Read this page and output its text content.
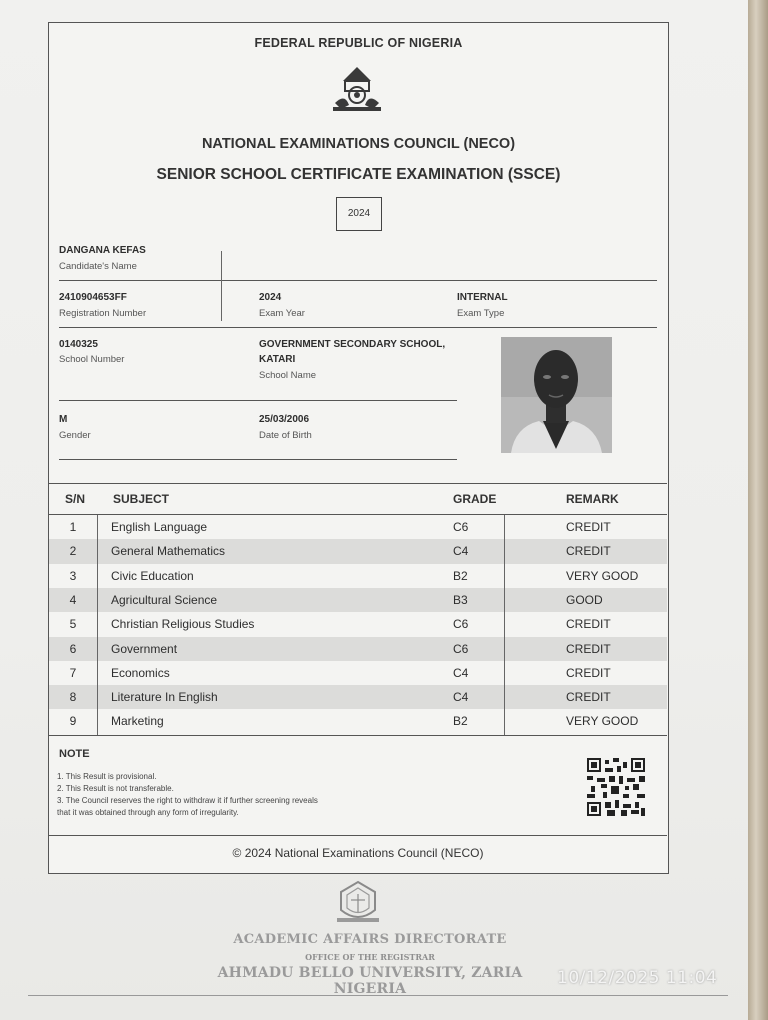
FEDERAL REPUBLIC OF NIGERIA
NATIONAL EXAMINATIONS COUNCIL (NECO)
SENIOR SCHOOL CERTIFICATE EXAMINATION (SSCE)
2024
DANGANA KEFAS
Candidate's Name
2410904653FF
Registration Number
2024
Exam Year
INTERNAL
Exam Type
0140325
School Number
GOVERNMENT SECONDARY SCHOOL,
KATARI
School Name
M
Gender
25/03/2006
Date of Birth
S/N SUBJECT	GRADE	REMARK
1	English Language	C6	CREDIT
2	General Mathematics	C4	CREDIT
3	Civic Education	B2	VERY GOOD
4	Agricultural Science	B3	GOOD
5	Christian Religious Studies	C6	CREDIT
6	Government	C6	CREDIT
7	Economics	C4	CREDIT
8	Literature In English	C4	CREDIT
9	Marketing	B2	VERY GOOD
NOTE
1. This Result is provisional.
2. This Result is not transferable.
3. The Council reserves the right to withdraw it if further screening reveals
that it was obtained through any form of irregularity.
© 2024 National Examinations Council (NECO)
ACADEMIC AFFAIRS DIRECTORATE
OFFICE OF THE REGISTRAR
AHMADU BELLO UNIVERSITY, ZARIA NIGERIA
10/12/2025 11:04
